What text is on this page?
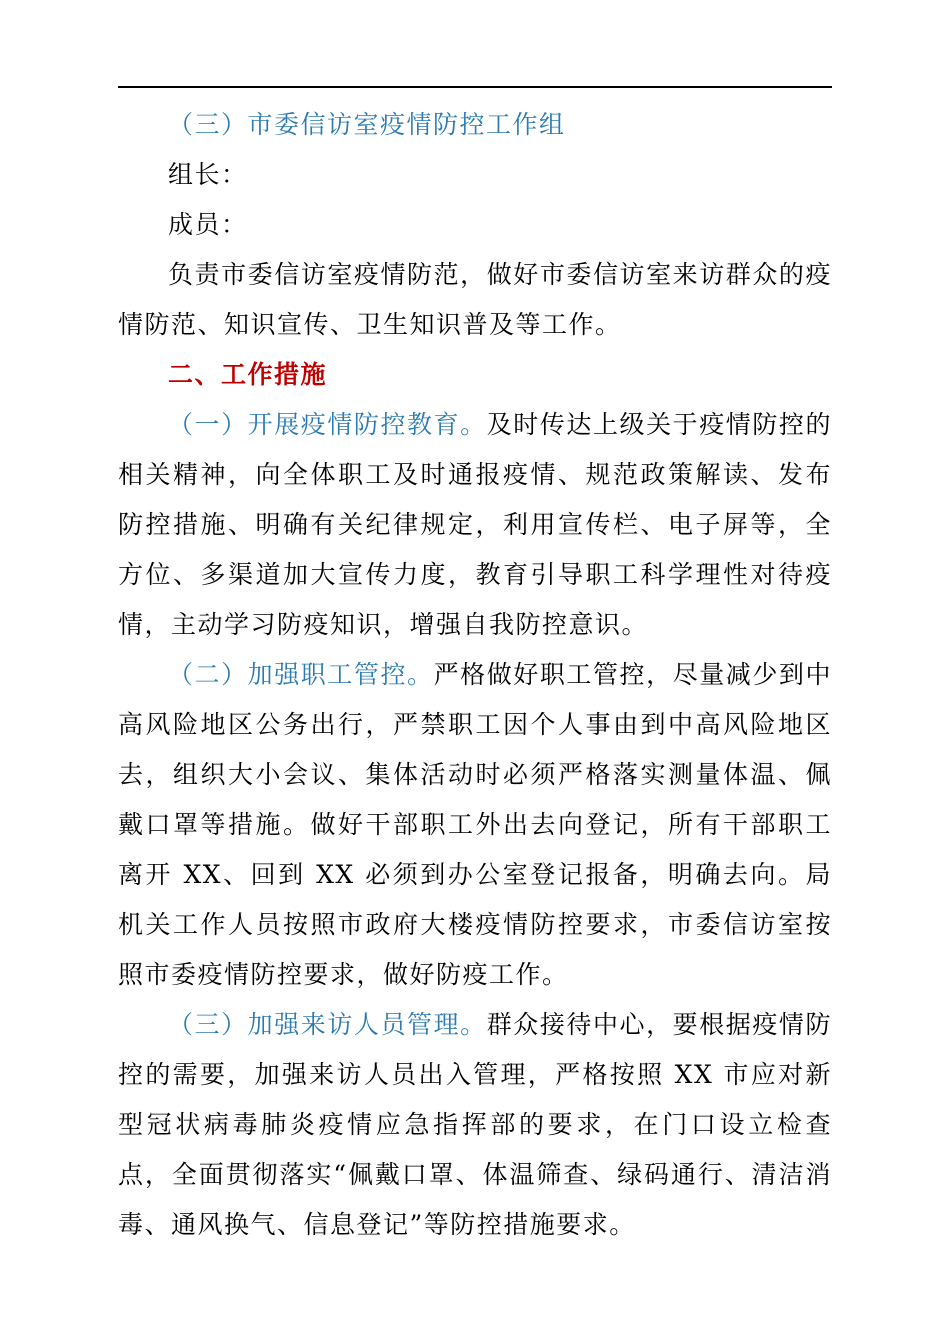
（三）市委信访室疫情防控工作组

组长：

成员：

负责市委信访室疫情防范，做好市委信访室来访群众的疫情防范、知识宣传、卫生知识普及等工作。

二、工作措施

（一）开展疫情防控教育。及时传达上级关于疫情防控的相关精神，向全体职工及时通报疫情、规范政策解读、发布防控措施、明确有关纪律规定，利用宣传栏、电子屏等，全方位、多渠道加大宣传力度，教育引导职工科学理性对待疫情，主动学习防疫知识，增强自我防控意识。

（二）加强职工管控。严格做好职工管控，尽量减少到中高风险地区公务出行，严禁职工因个人事由到中高风险地区去，组织大小会议、集体活动时必须严格落实测量体温、佩戴口罩等措施。做好干部职工外出去向登记，所有干部职工离开 XX、回到 XX 必须到办公室登记报备，明确去向。局机关工作人员按照市政府大楼疫情防控要求，市委信访室按照市委疫情防控要求，做好防疫工作。

（三）加强来访人员管理。群众接待中心，要根据疫情防控的需要，加强来访人员出入管理，严格按照 XX 市应对新型冠状病毒肺炎疫情应急指挥部的要求，在门口设立检查点，全面贯彻落实“佩戴口罩、体温筛查、绿码通行、清洁消毒、通风换气、信息登记”等防控措施要求。
